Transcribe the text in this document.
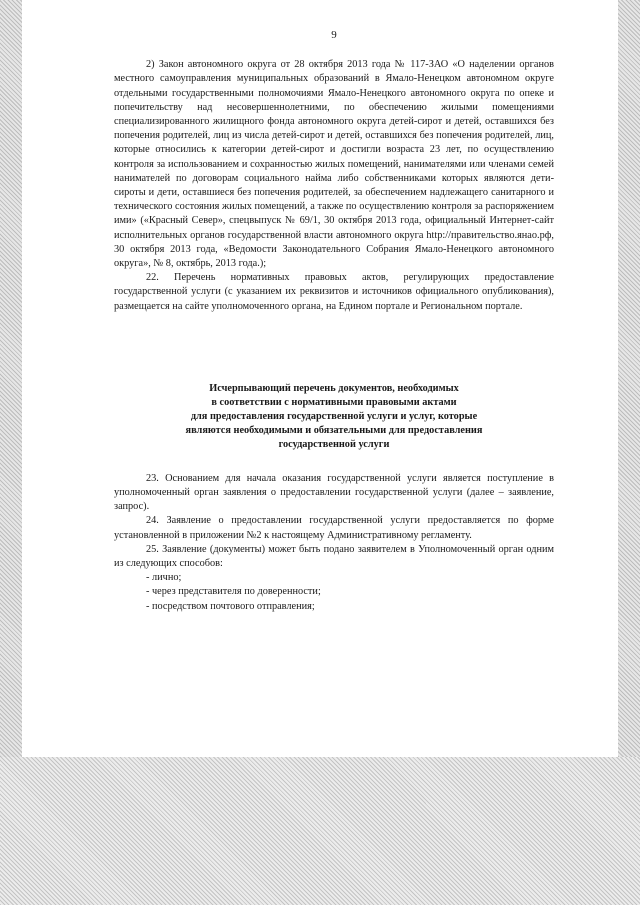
9

2) Закон автономного округа от 28 октября 2013 года № 117-ЗАО «О наделении органов местного самоуправления муниципальных образований в Ямало-Ненецком автономном округе отдельными государственными полномочиями Ямало-Ненецкого автономного округа по опеке и попечительству над несовершеннолетними, по обеспечению жилыми помещениями специализированного жилищного фонда автономного округа детей-сирот и детей, оставшихся без попечения родителей, лиц из числа детей-сирот и детей, оставшихся без попечения родителей, лиц, которые относились к категории детей-сирот и достигли возраста 23 лет, по осуществлению контроля за использованием и сохранностью жилых помещений, нанимателями или членами семей нанимателей по договорам социального найма либо собственниками которых являются дети-сироты и дети, оставшиеся без попечения родителей, за обеспечением надлежащего санитарного и технического состояния жилых помещений, а также по осуществлению контроля за распоряжением ими» («Красный Север», спецвыпуск № 69/1, 30 октября 2013 года, официальный Интернет-сайт исполнительных органов государственной власти автономного округа http://правительство.янао.рф, 30 октября 2013 года, «Ведомости Законодательного Собрания Ямало-Ненецкого автономного округа», № 8, октябрь, 2013 года.);

22. Перечень нормативных правовых актов, регулирующих предоставление государственной услуги (с указанием их реквизитов и источников официального опубликования), размещается на сайте уполномоченного органа, на Едином портале и Региональном портале.

Исчерпывающий перечень документов, необходимых
в соответствии с нормативными правовыми актами
для предоставления государственной услуги и услуг, которые
являются необходимыми и обязательными для предоставления
государственной услуги

23. Основанием для начала оказания государственной услуги является поступление в уполномоченный орган заявления о предоставлении государственной услуги (далее – заявление, запрос).

24. Заявление о предоставлении государственной услуги предоставляется по форме установленной в приложении №2 к настоящему Административному регламенту.

25. Заявление (документы) может быть подано заявителем в Уполномоченный орган одним из следующих способов:

- лично;

- через представителя по доверенности;

- посредством почтового отправления;
